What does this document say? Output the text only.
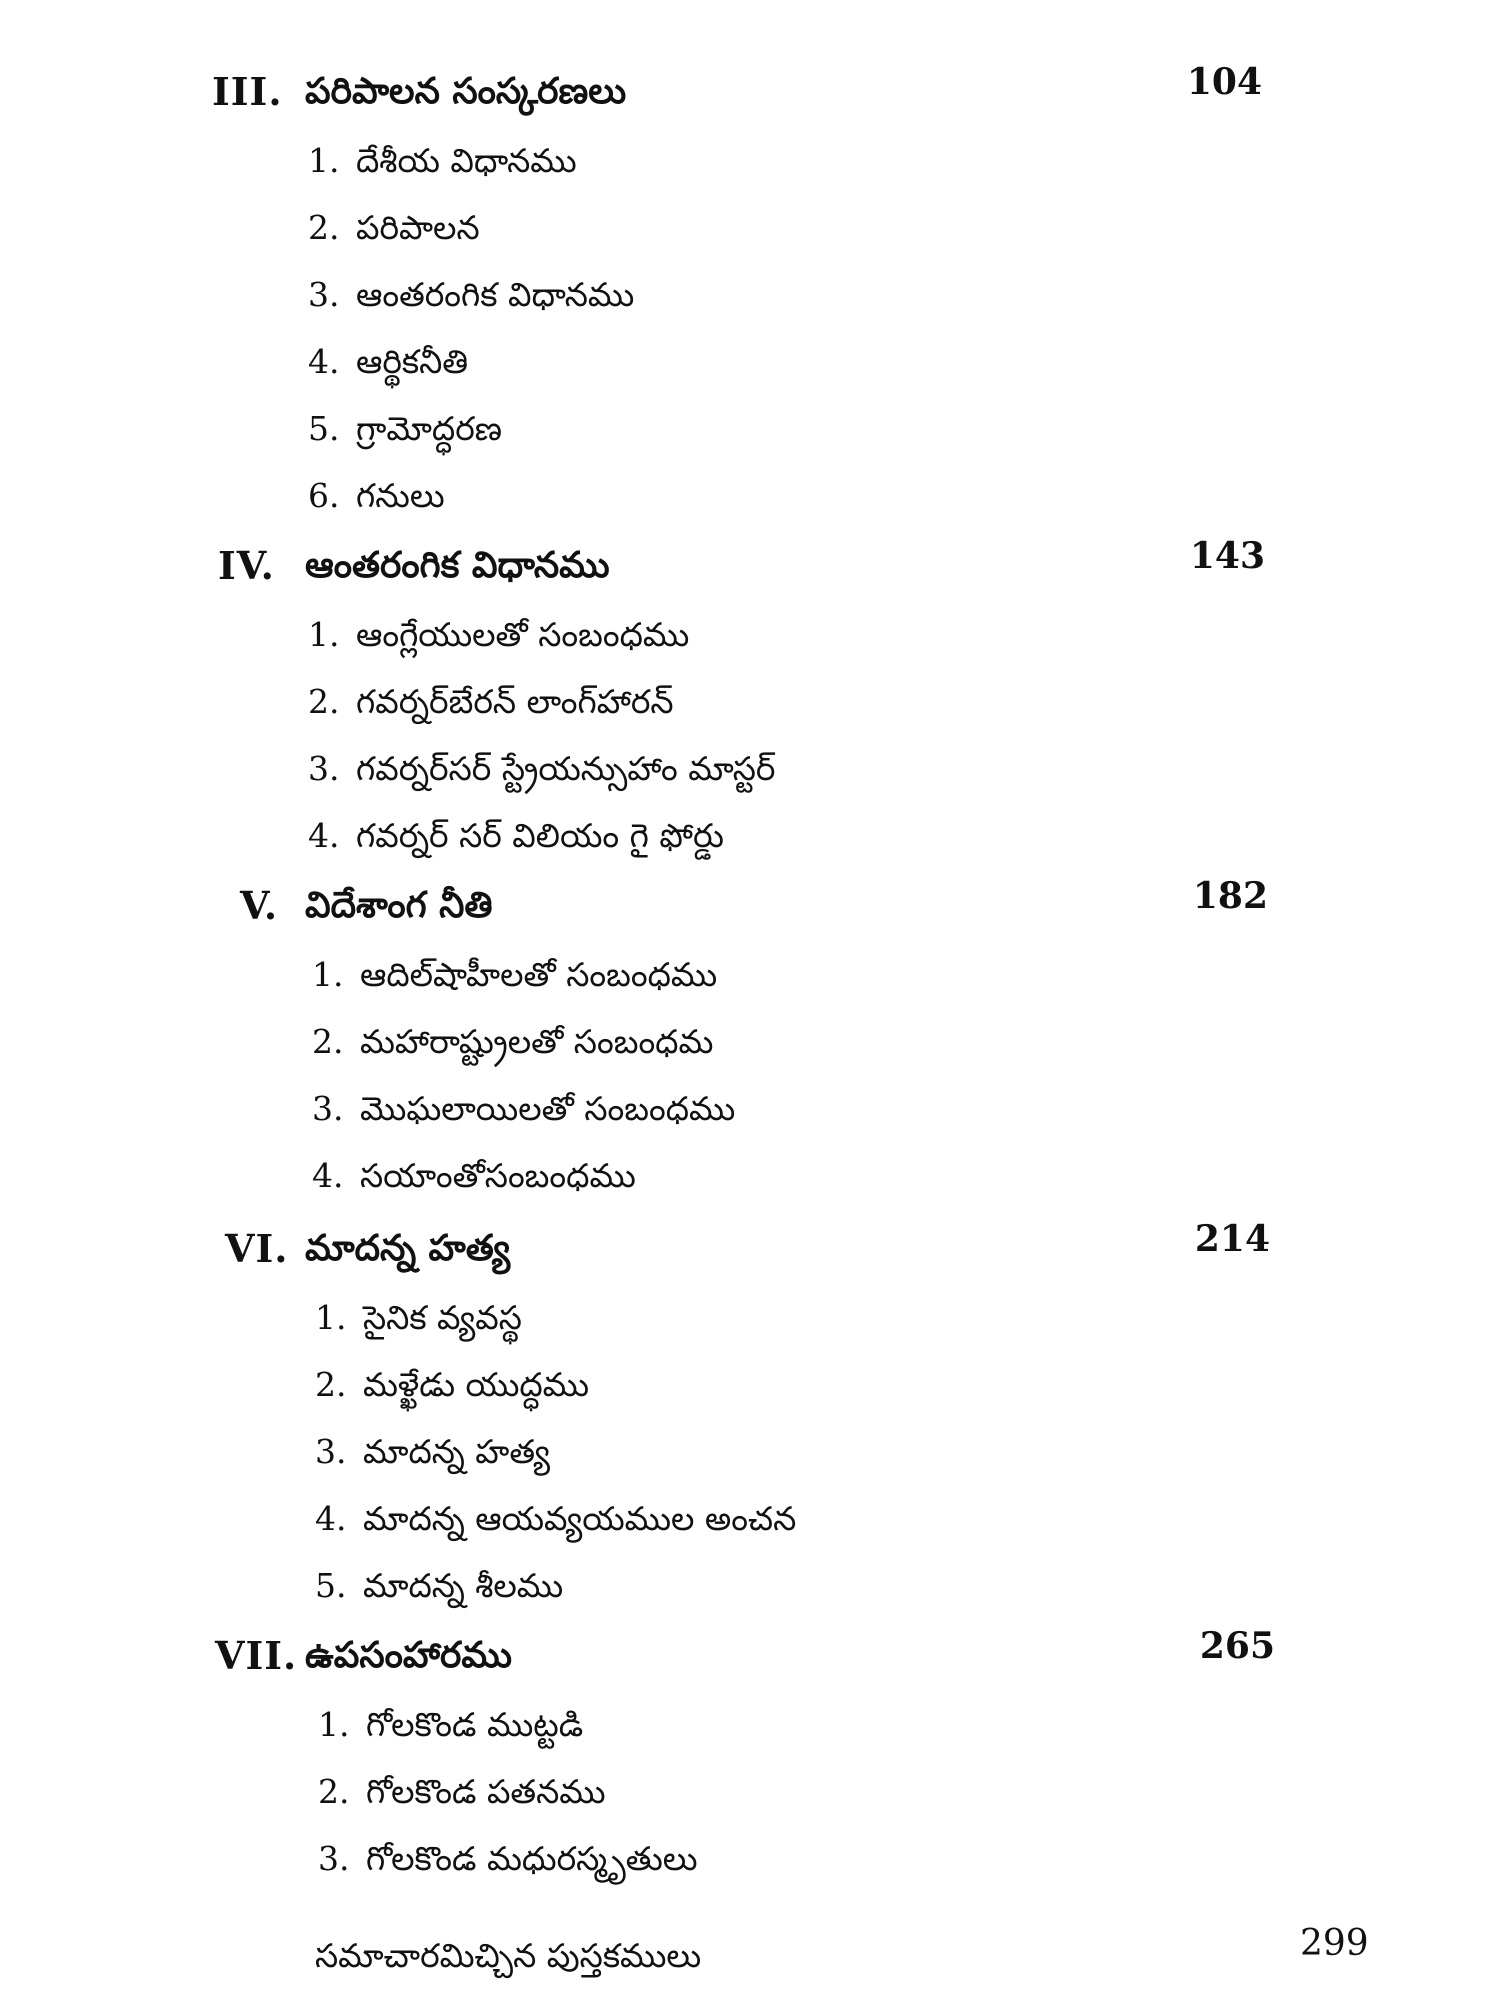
III. పరిపాలన సంస్కరణలు	104
1. దేశీయ విధానము
2. పరిపాలన
3. ఆంతరంగిక విధానము
4. ఆర్థికనీతి
5. గ్రామోద్ధరణ
6. గనులు
IV. ఆంతరంగిక విధానము	143
1. ఆంగ్లేయులతో సంబంధము
2. గవర్నర్‌బేరన్ లాంగ్‌హారన్
3. గవర్నర్‌సర్ స్ట్రేయన్సుహాం మాస్టర్
4. గవర్నర్ సర్ విలియం గై ఫోర్డు
V. విదేశాంగ నీతి	182
1. ఆదిల్‌షాహీలతో సంబంధము
2. మహారాష్ట్రులతో సంబంధమ
3. మొఘలాయిలతో సంబంధము
4. సయాంతోసంబంధము
VI. మాదన్న హత్య	214
1. సైనిక వ్యవస్థ
2. మళ్ఖేడు యుద్ధము
3. మాదన్న హత్య
4. మాదన్న ఆయవ్యయముల అంచన
5. మాదన్న శీలము
VII. ఉపసంహారము	265
1. గోలకొండ ముట్టడి
2. గోలకొండ పతనము
3. గోలకొండ మధురస్మృతులు
సమాచారమిచ్చిన పుస్తకములు	299
